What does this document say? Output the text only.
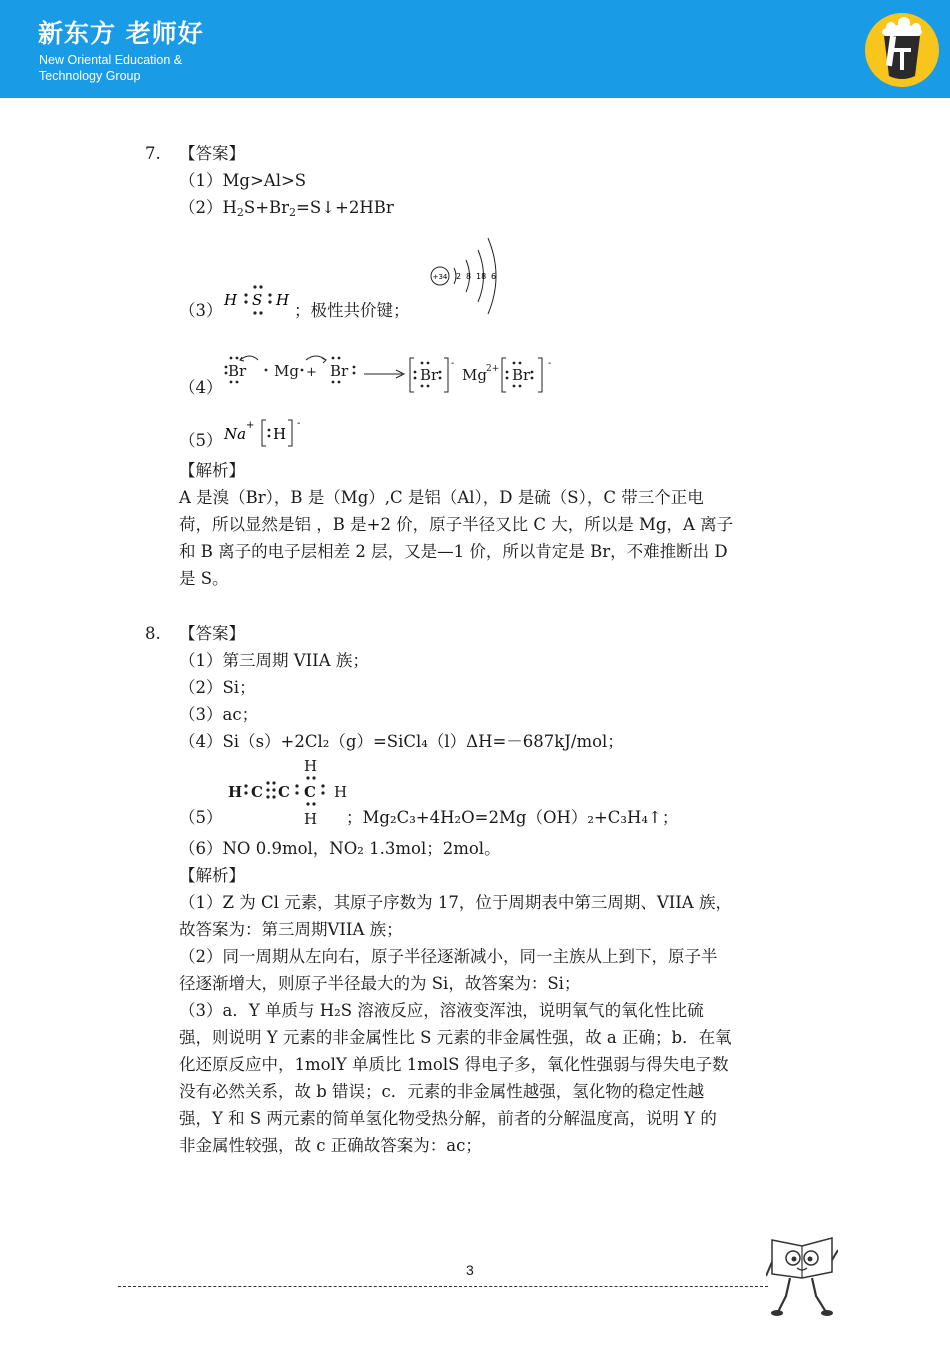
新东方 老师好
New Oriental Education &
Technology Group
7. 【答案】
（1）Mg>Al>S
$(2)H_2S+Br_2=S↓+2HBr$
（3）
H S H
；极性共价键；
+34 2 8 18 6
（4）
Br Mg + Br	Br Mg 2+ Br
-	-
（5） Na + H
-
【解析】
A 是溴（Br），B 是（Mg）,C 是铝（Al），D 是硫（S），C 带三个正电
荷，所以显然是铝 ，B 是+2 价，原子半径又比 C 大，所以是 Mg，A 离子
和 B 离子的电子层相差 2 层，又是—1 价，所以肯定是 Br，不难推断出 D
是 S。
8. 【答案】
（1）第三周期 VIIA 族；
（2）Si；
（3）ac；
（4）Si（s）+2Cl₂（g）=SiCl₄（l）ΔH=－687kJ/mol；
H C C C H
H
H
（5）	；Mg₂C₃+4H₂O=2Mg（OH）₂+C₃H₄↑；
（6）NO 0.9mol，NO₂ 1.3mol；2mol。
【解析】
（1）Z 为 Cl 元素，其原子序数为 17，位于周期表中第三周期、VIIA 族，
故答案为：第三周期VIIA 族；
（2）同一周期从左向右，原子半径逐渐减小，同一主族从上到下，原子半
径逐渐增大，则原子半径最大的为 Si，故答案为：Si；
（3）a．Y 单质与 H₂S 溶液反应，溶液变浑浊，说明氧气的氧化性比硫
强，则说明 Y 元素的非金属性比 S 元素的非金属性强，故 a 正确；b．在氧
化还原反应中，1molY 单质比 1molS 得电子多，氧化性强弱与得失电子数
没有必然关系，故 b 错误；c．元素的非金属性越强，氢化物的稳定性越
强，Y 和 S 两元素的简单氢化物受热分解，前者的分解温度高，说明 Y 的
非金属性较强，故 c 正确故答案为：ac；
3
